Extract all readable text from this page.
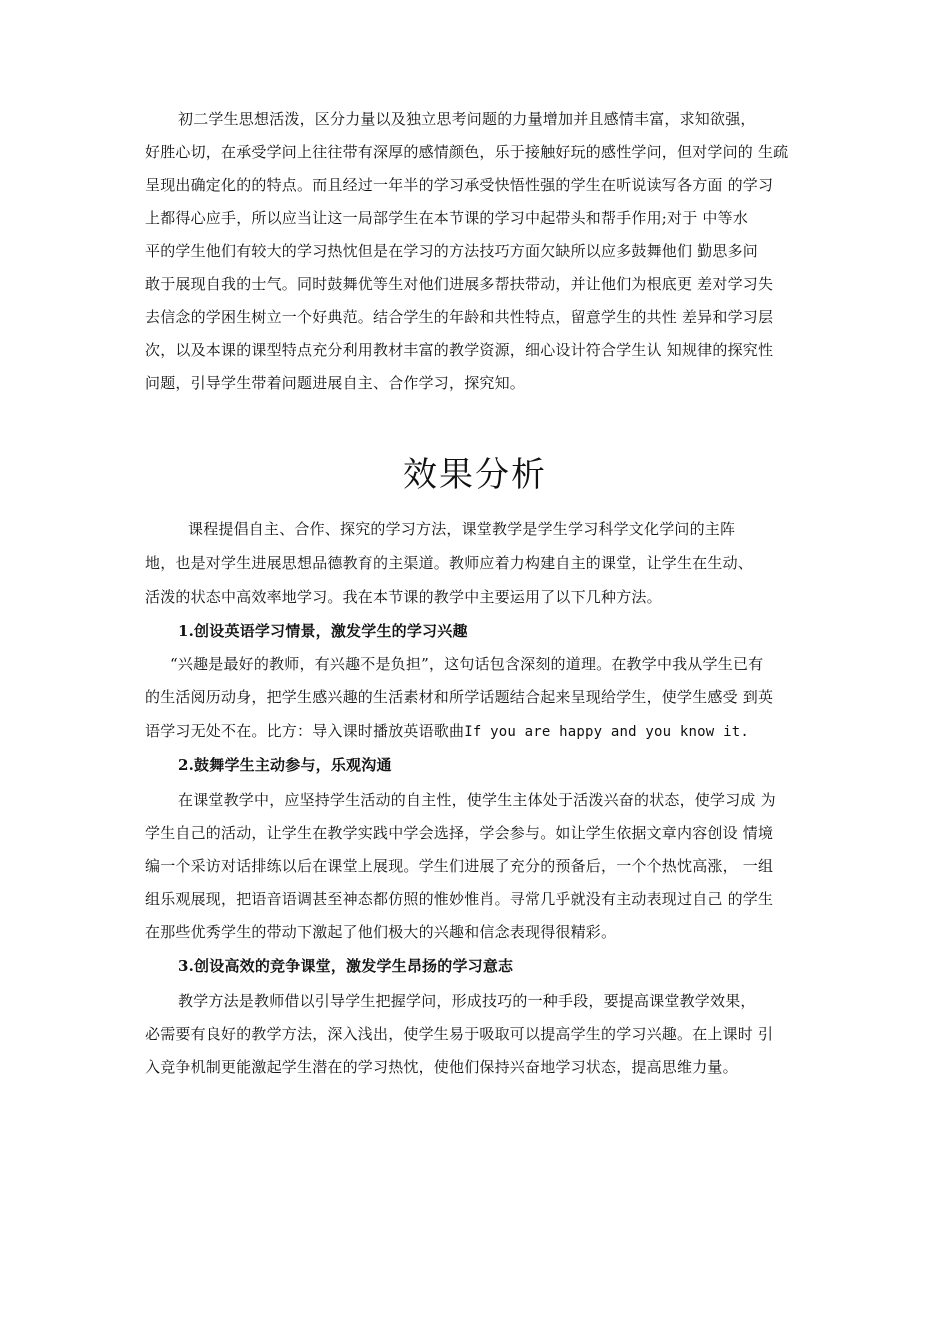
初二学生思想活泼，区分力量以及独立思考问题的力量增加并且感情丰富，求知欲强，
好胜心切，在承受学问上往往带有深厚的感情颜色，乐于接触好玩的感性学问，但对学问的 生疏
呈现出确定化的的特点。而且经过一年半的学习承受快悟性强的学生在听说读写各方面 的学习
上都得心应手，所以应当让这一局部学生在本节课的学习中起带头和帮手作用;对于 中等水
平的学生他们有较大的学习热忱但是在学习的方法技巧方面欠缺所以应多鼓舞他们 勤思多问
敢于展现自我的士气。同时鼓舞优等生对他们进展多帮扶带动，并让他们为根底更 差对学习失
去信念的学困生树立一个好典范。结合学生的年龄和共性特点，留意学生的共性 差异和学习层
次，以及本课的课型特点充分利用教材丰富的教学资源，细心设计符合学生认 知规律的探究性
问题，引导学生带着问题进展自主、合作学习，探究知。
效果分析
课程提倡自主、合作、探究的学习方法，课堂教学是学生学习科学文化学问的主阵
地，也是对学生进展思想品德教育的主渠道。教师应着力构建自主的课堂，让学生在生动、
活泼的状态中高效率地学习。我在本节课的教学中主要运用了以下几种方法。
1.创设英语学习情景，激发学生的学习兴趣
“兴趣是最好的教师，有兴趣不是负担”，这句话包含深刻的道理。在教学中我从学生已有
的生活阅历动身，把学生感兴趣的生活素材和所学话题结合起来呈现给学生，使学生感受 到英
语学习无处不在。比方：导入课时播放英语歌曲If you are happy and you know it.
2.鼓舞学生主动参与，乐观沟通
在课堂教学中，应坚持学生活动的自主性，使学生主体处于活泼兴奋的状态，使学习成 为
学生自己的活动，让学生在教学实践中学会选择，学会参与。如让学生依据文章内容创设 情境
编一个采访对话排练以后在课堂上展现。学生们进展了充分的预备后，一个个热忱高涨， 一组
组乐观展现，把语音语调甚至神态都仿照的惟妙惟肖。寻常几乎就没有主动表现过自己 的学生
在那些优秀学生的带动下激起了他们极大的兴趣和信念表现得很精彩。
3.创设高效的竞争课堂，激发学生昂扬的学习意志
教学方法是教师借以引导学生把握学问，形成技巧的一种手段，要提高课堂教学效果，
必需要有良好的教学方法，深入浅出，使学生易于吸取可以提高学生的学习兴趣。在上课时 引
入竞争机制更能激起学生潜在的学习热忱，使他们保持兴奋地学习状态，提高思维力量。
